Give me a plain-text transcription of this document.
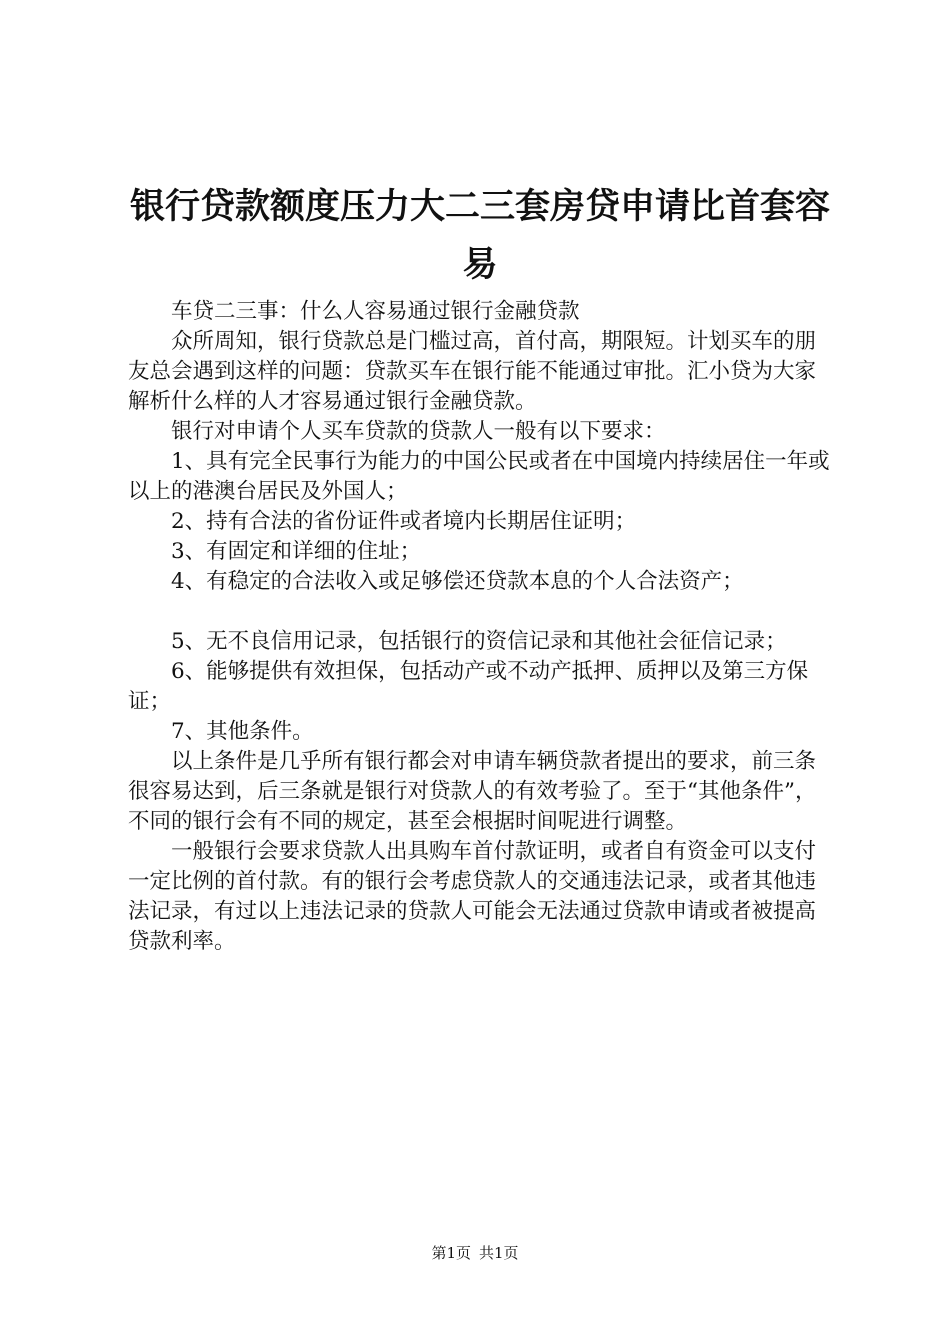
银行贷款额度压力大二三套房贷申请比首套容易

车贷二三事：什么人容易通过银行金融贷款

众所周知，银行贷款总是门槛过高，首付高，期限短。计划买车的朋友总会遇到这样的问题：贷款买车在银行能不能通过审批。汇小贷为大家解析什么样的人才容易通过银行金融贷款。

银行对申请个人买车贷款的贷款人一般有以下要求：

1、具有完全民事行为能力的中国公民或者在中国境内持续居住一年或以上的港澳台居民及外国人；

2、持有合法的省份证件或者境内长期居住证明；

3、有固定和详细的住址；

4、有稳定的合法收入或足够偿还贷款本息的个人合法资产；

5、无不良信用记录，包括银行的资信记录和其他社会征信记录；

6、能够提供有效担保，包括动产或不动产抵押、质押以及第三方保证；

7、其他条件。

以上条件是几乎所有银行都会对申请车辆贷款者提出的要求，前三条很容易达到，后三条就是银行对贷款人的有效考验了。至于“其他条件”，不同的银行会有不同的规定，甚至会根据时间呢进行调整。

一般银行会要求贷款人出具购车首付款证明，或者自有资金可以支付一定比例的首付款。有的银行会考虑贷款人的交通违法记录，或者其他违法记录，有过以上违法记录的贷款人可能会无法通过贷款申请或者被提高贷款利率。

第1页 共1页
